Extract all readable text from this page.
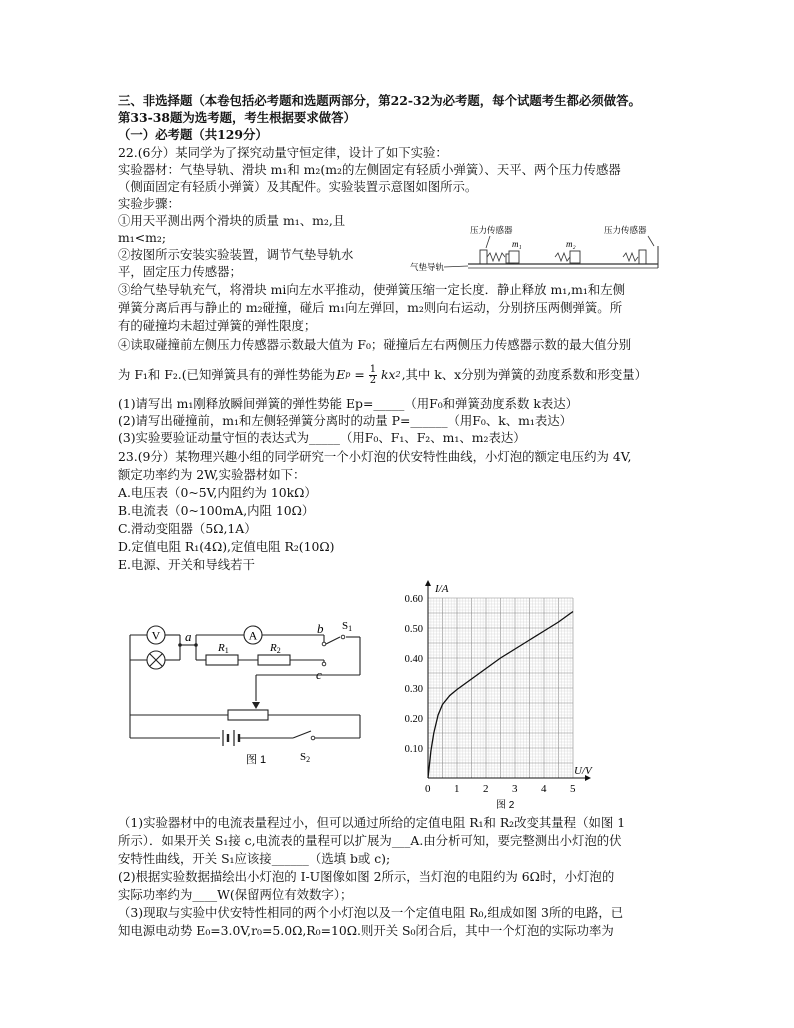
三、非选择题（本卷包括必考题和选题两部分，第22-32为必考题，每个试题考生都必须做答。
第33-38题为选考题，考生根据要求做答）
（一）必考题（共129分）
22.(6分）某同学为了探究动量守恒定律，设计了如下实验：
实验器材：气垫导轨、滑块 m₁和 m₂(m₂的左侧固定有轻质小弹簧）、天平、两个压力传感器
（侧面固定有轻质小弹簧）及其配件。实验装置示意图如图所示。
实验步骤：
①用天平测出两个滑块的质量 m₁、m₂,且
m₁<m₂;
②按图所示安装实验装置，调节气垫导轨水
平，固定压力传感器；
③给气垫导轨充气，将滑块 mi向左水平推动，使弹簧压缩一定长度．静止释放 m₁,m₁和左侧
弹簧分离后再与静止的 m₂碰撞，碰后 m₁向左弹回，m₂则向右运动，分别挤压两侧弹簧。所
有的碰撞均未超过弹簧的弹性限度；
④读取碰撞前左侧压力传感器示数最大值为 F₀；碰撞后左右两侧压力传感器示数的最大值分别
为 F₁和 F₂.(已知弹簧具有的弹性势能为 E p = 1
2 kx 2 ,其中 k、x分别为弹簧的劲度系数和形变量）
(1)请写出 m₁刚释放瞬间弹簧的弹性势能 Ep=_____（用F₀和弹簧劲度系数 k表达）
(2)请写出碰撞前，m₁和左侧轻弹簧分离时的动量 P=______（用F₀、k、m₁表达）
(3)实验要验证动量守恒的表达式为_____（用F₀、F₁、F₂、m₁、m₂表达）
23.(9分）某物理兴趣小组的同学研究一个小灯泡的伏安特性曲线，小灯泡的额定电压约为 4V,
额定功率约为 2W,实验器材如下：
A.电压表（0~5V,内阻约为 10kΩ）
B.电流表（0~100mA,内阻 10Ω）
C.滑动变阻器（5Ω,1A）
D.定值电阻 R₁(4Ω),定值电阻 R₂(10Ω)
E.电源、开关和导线若干
（1)实验器材中的电流表量程过小，但可以通过所给的定值电阻 R₁和 R₂改变其量程（如图 1
所示）．如果开关 S₁接 c,电流表的量程可以扩展为___A.由分析可知，要完整测出小灯泡的伏
安特性曲线，开关 S₁应该接______（选填 b或 c);
(2)根据实验数据描绘出小灯泡的 I-U图像如图 2所示，当灯泡的电阻约为 6Ω时，小灯泡的
实际功率约为____W(保留两位有效数字）；
（3)现取与实验中伏安特性相同的两个小灯泡以及一个定值电阻 R₀,组成如图 3所的电路，已
知电源电动势 E₀=3.0V,r₀=5.0Ω,R₀=10Ω.则开关 S₀闭合后，其中一个灯泡的实际功率为
压力传感器	压力传感器
m₁	m₂
气垫导轨
V	A
R1	R2
a
b
c
S1
S2
图 1
0 1 2 3 4 5
0.10
0.20
0.30
0.40
0.50
0.60
I/A
U/V
图 2
